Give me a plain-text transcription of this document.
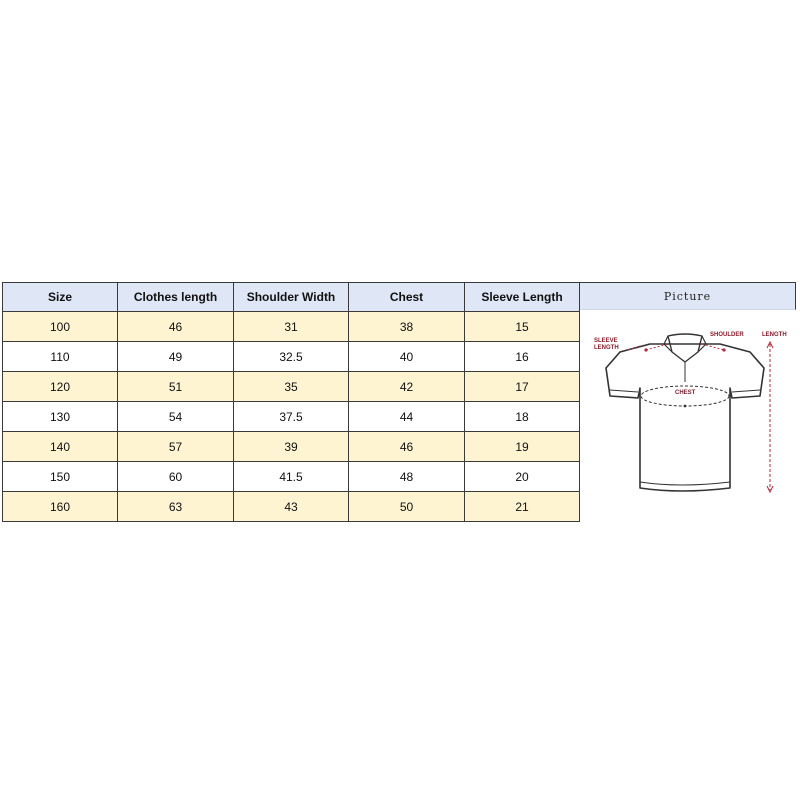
Size	Clothes length	Shoulder Width	Chest	Sleeve Length
100	46	31	38	15
110	49	32.5	40	16
120	51	35	42	17
130	54	37.5	44	18
140	57	39	46	19
150	60	41.5	48	20
160	63	43	50	21
Picture
SLEEVE LENGTH
SHOULDER	LENGTH
CHEST
